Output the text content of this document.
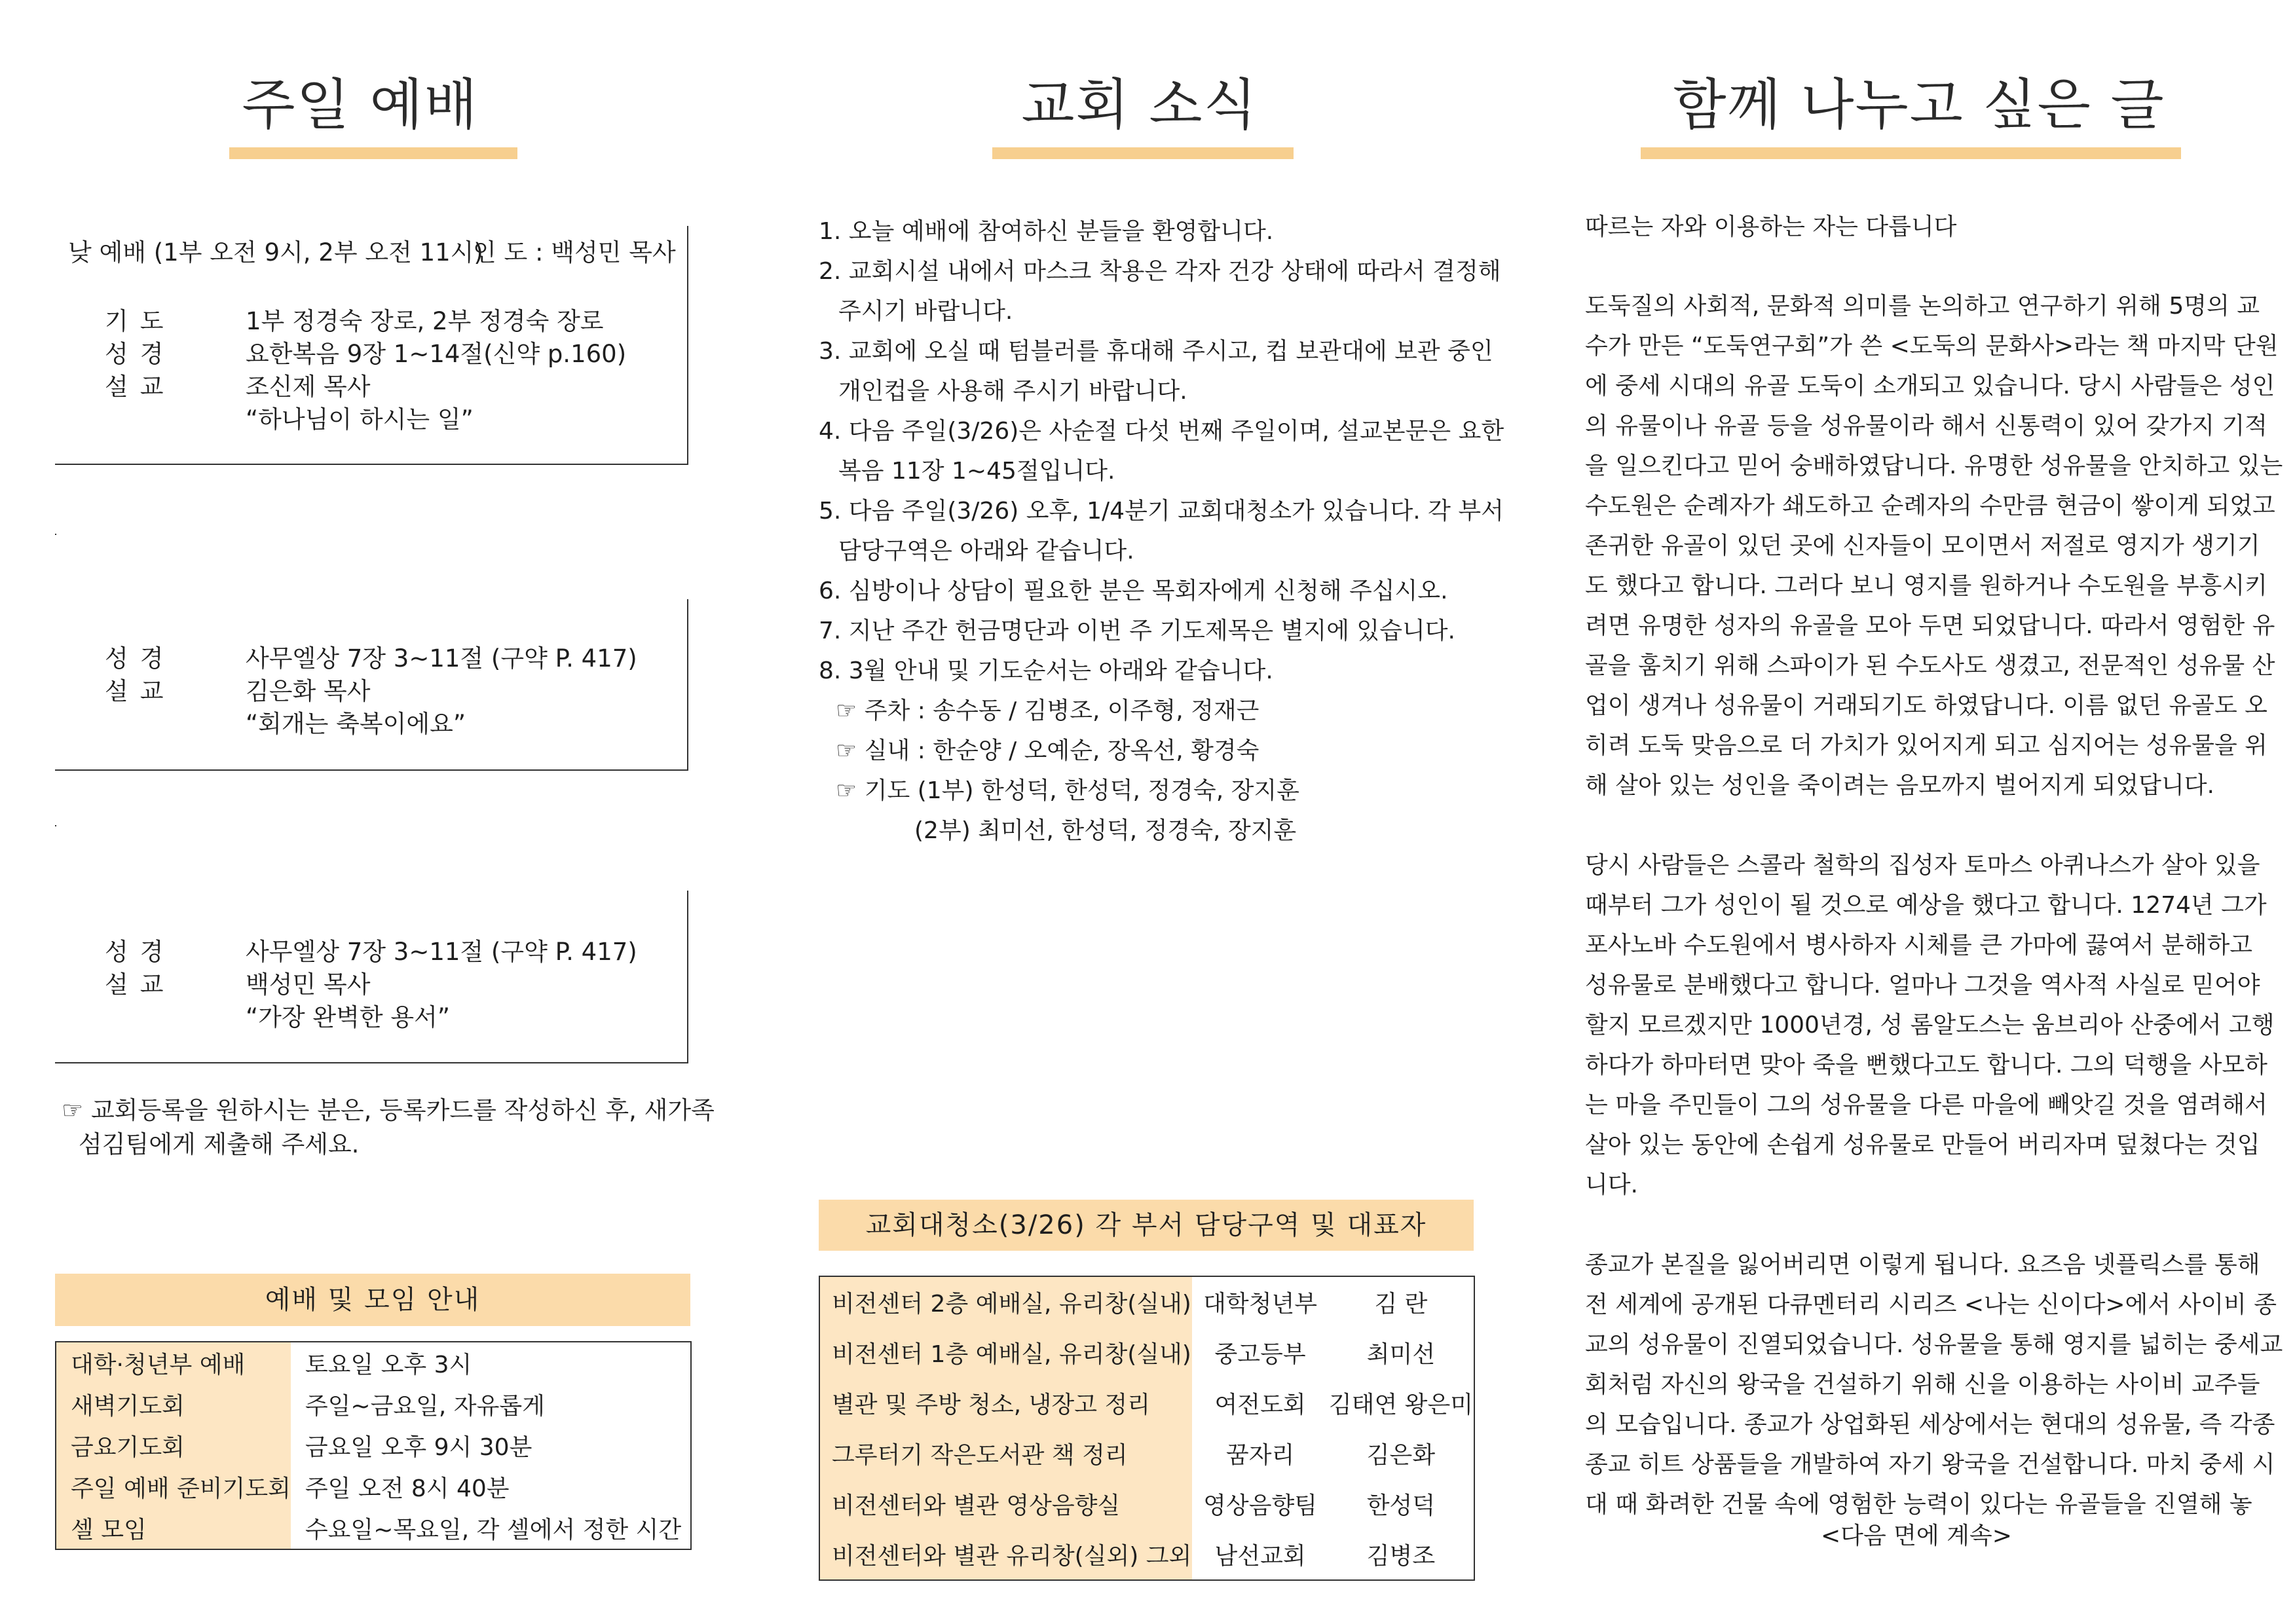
주일 예배
낮 예배 (1부 오전 9시, 2부 오전 11시)
인 도 : 백성민 목사
기도	1부 정경숙 장로, 2부 정경숙 장로
성경	요한복음 9장 1~14절(신약 p.160)
설교	조신제 목사
“하나님이 하시는 일”
성경	사무엘상 7장 3~11절 (구약 P. 417)
설교	김은화 목사
“회개는 축복이에요”
성경	사무엘상 7장 3~11절 (구약 P. 417)
설교	백성민 목사
“가장 완벽한 용서”
☞ 교회등록을 원하시는 분은, 등록카드를 작성하신 후, 새가족
섬김팀에게 제출해 주세요.
예배 및 모임 안내
대학·청년부 예배	토요일 오후 3시
새벽기도회	주일~금요일, 자유롭게
금요기도회	금요일 오후 9시 30분
주일 예배 준비기도회	주일 오전 8시 40분
셀 모임	수요일~목요일, 각 셀에서 정한 시간
교회 소식
1. 오늘 예배에 참여하신 분들을 환영합니다.
2. 교회시설 내에서 마스크 착용은 각자 건강 상태에 따라서 결정해
주시기 바랍니다.
3. 교회에 오실 때 텀블러를 휴대해 주시고, 컵 보관대에 보관 중인
개인컵을 사용해 주시기 바랍니다.
4. 다음 주일(3/26)은 사순절 다섯 번째 주일이며, 설교본문은 요한
복음 11장 1~45절입니다.
5. 다음 주일(3/26) 오후, 1/4분기 교회대청소가 있습니다. 각 부서
담당구역은 아래와 같습니다.
6. 심방이나 상담이 필요한 분은 목회자에게 신청해 주십시오.
7. 지난 주간 헌금명단과 이번 주 기도제목은 별지에 있습니다.
8. 3월 안내 및 기도순서는 아래와 같습니다.
☞ 주차 : 송수동 / 김병조, 이주형, 정재근
☞ 실내 : 한순양 / 오예순, 장옥선, 황경숙
☞ 기도 (1부) 한성덕, 한성덕, 정경숙, 장지훈
(2부) 최미선, 한성덕, 정경숙, 장지훈
교회대청소(3/26) 각 부서 담당구역 및 대표자
비전센터 2층 예배실, 유리창(실내)	대학청년부	김 란
비전센터 1층 예배실, 유리창(실내)	중고등부	최미선
별관 및 주방 청소, 냉장고 정리	여전도회	김태연 왕은미
그루터기 작은도서관 책 정리	꿈자리	김은화
비전센터와 별관 영상음향실	영상음향팀	한성덕
비전센터와 별관 유리창(실외) 그외	남선교회	김병조
함께 나누고 싶은 글
따르는 자와 이용하는 자는 다릅니다
도둑질의 사회적, 문화적 의미를 논의하고 연구하기 위해 5명의 교
수가 만든 “도둑연구회”가 쓴 <도둑의 문화사>라는 책 마지막 단원
에 중세 시대의 유골 도둑이 소개되고 있습니다. 당시 사람들은 성인
의 유물이나 유골 등을 성유물이라 해서 신통력이 있어 갖가지 기적
을 일으킨다고 믿어 숭배하였답니다. 유명한 성유물을 안치하고 있는
수도원은 순례자가 쇄도하고 순례자의 수만큼 현금이 쌓이게 되었고
존귀한 유골이 있던 곳에 신자들이 모이면서 저절로 영지가 생기기
도 했다고 합니다. 그러다 보니 영지를 원하거나 수도원을 부흥시키
려면 유명한 성자의 유골을 모아 두면 되었답니다. 따라서 영험한 유
골을 훔치기 위해 스파이가 된 수도사도 생겼고, 전문적인 성유물 산
업이 생겨나 성유물이 거래되기도 하였답니다. 이름 없던 유골도 오
히려 도둑 맞음으로 더 가치가 있어지게 되고 심지어는 성유물을 위
해 살아 있는 성인을 죽이려는 음모까지 벌어지게 되었답니다.
당시 사람들은 스콜라 철학의 집성자 토마스 아퀴나스가 살아 있을
때부터 그가 성인이 될 것으로 예상을 했다고 합니다. 1274년 그가
포사노바 수도원에서 병사하자 시체를 큰 가마에 끓여서 분해하고
성유물로 분배했다고 합니다. 얼마나 그것을 역사적 사실로 믿어야
할지 모르겠지만 1000년경, 성 롬알도스는 움브리아 산중에서 고행
하다가 하마터면 맞아 죽을 뻔했다고도 합니다. 그의 덕행을 사모하
는 마을 주민들이 그의 성유물을 다른 마을에 빼앗길 것을 염려해서
살아 있는 동안에 손쉽게 성유물로 만들어 버리자며 덮쳤다는 것입
니다.
종교가 본질을 잃어버리면 이렇게 됩니다. 요즈음 넷플릭스를 통해
전 세계에 공개된 다큐멘터리 시리즈 <나는 신이다>에서 사이비 종
교의 성유물이 진열되었습니다. 성유물을 통해 영지를 넓히는 중세교
회처럼 자신의 왕국을 건설하기 위해 신을 이용하는 사이비 교주들
의 모습입니다. 종교가 상업화된 세상에서는 현대의 성유물, 즉 각종
종교 히트 상품들을 개발하여 자기 왕국을 건설합니다. 마치 중세 시
대 때 화려한 건물 속에 영험한 능력이 있다는 유골들을 진열해 놓
<다음 면에 계속>
